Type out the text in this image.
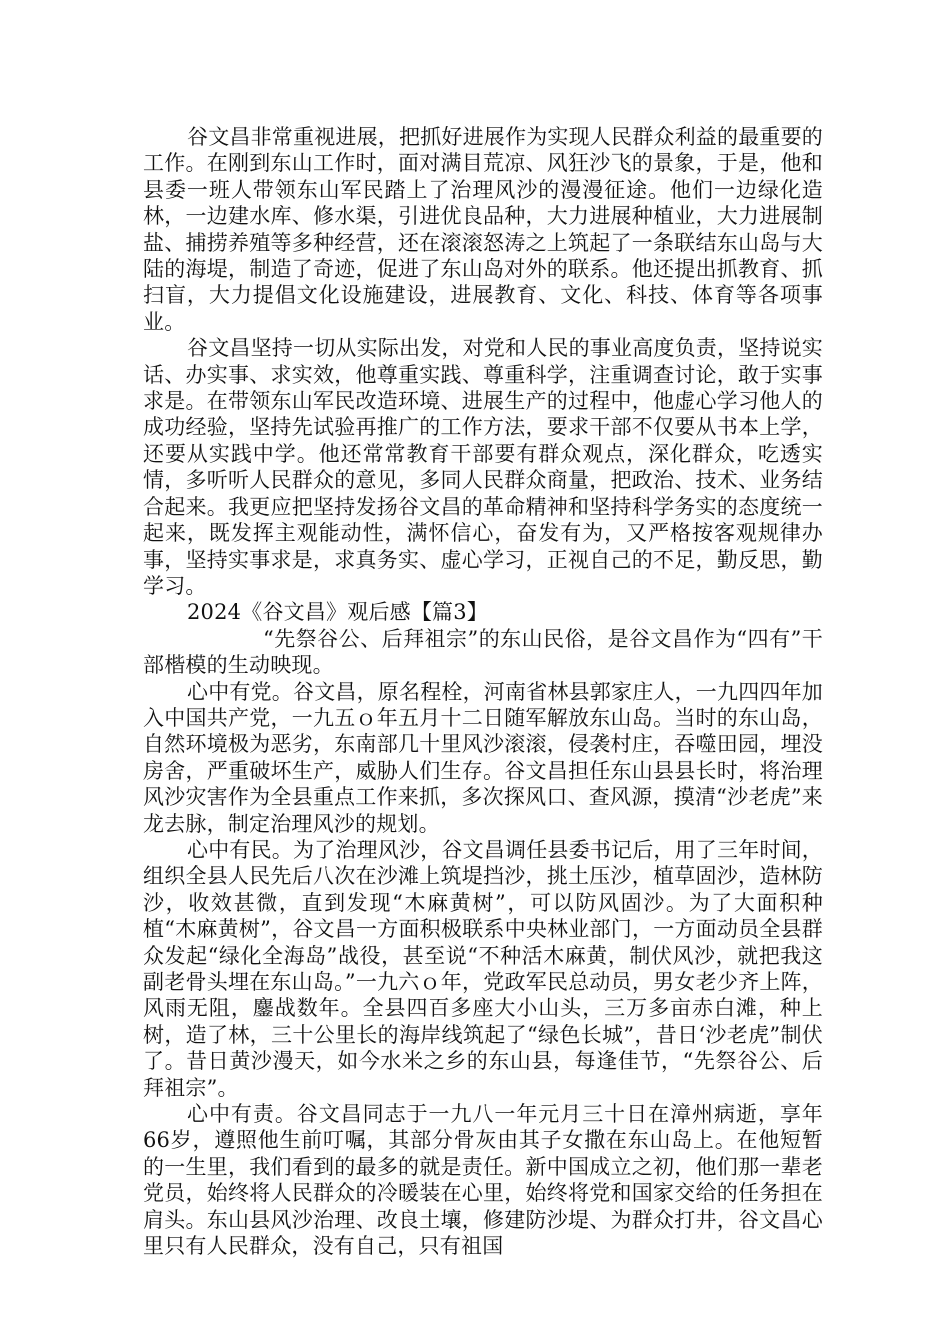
谷文昌非常重视进展，把抓好进展作为实现人民群众利益的最重要的工作。在刚到东山工作时，面对满目荒凉、风狂沙飞的景象，于是，他和县委一班人带领东山军民踏上了治理风沙的漫漫征途。他们一边绿化造林，一边建水库、修水渠，引进优良品种，大力进展种植业，大力进展制盐、捕捞养殖等多种经营，还在滚滚怒涛之上筑起了一条联结东山岛与大陆的海堤，制造了奇迹，促进了东山岛对外的联系。他还提出抓教育、抓扫盲，大力提倡文化设施建设，进展教育、文化、科技、体育等各项事业。

谷文昌坚持一切从实际出发，对党和人民的事业高度负责，坚持说实话、办实事、求实效，他尊重实践、尊重科学，注重调查讨论，敢于实事求是。在带领东山军民改造环境、进展生产的过程中，他虚心学习他人的成功经验，坚持先试验再推广的工作方法，要求干部不仅要从书本上学，还要从实践中学。他还常常教育干部要有群众观点，深化群众，吃透实情，多听听人民群众的意见，多同人民群众商量，把政治、技术、业务结合起来。我更应把坚持发扬谷文昌的革命精神和坚持科学务实的态度统一起来，既发挥主观能动性，满怀信心，奋发有为，又严格按客观规律办事，坚持实事求是，求真务实、虚心学习，正视自己的不足，勤反思，勤学习。

2024《谷文昌》观后感【篇3】

“先祭谷公、后拜祖宗”的东山民俗，是谷文昌作为“四有”干部楷模的生动映现。

心中有党。谷文昌，原名程栓，河南省林县郭家庄人，一九四四年加入中国共产党，一九五ｏ年五月十二日随军解放东山岛。当时的东山岛，自然环境极为恶劣，东南部几十里风沙滚滚，侵袭村庄，吞噬田园，埋没房舍，严重破坏生产，威胁人们生存。谷文昌担任东山县县长时，将治理风沙灾害作为全县重点工作来抓，多次探风口、查风源，摸清“沙老虎”来龙去脉，制定治理风沙的规划。

心中有民。为了治理风沙，谷文昌调任县委书记后，用了三年时间，组织全县人民先后八次在沙滩上筑堤挡沙，挑土压沙，植草固沙，造林防沙，收效甚微，直到发现“木麻黄树”，可以防风固沙。为了大面积种植“木麻黄树”，谷文昌一方面积极联系中央林业部门，一方面动员全县群众发起“绿化全海岛”战役，甚至说“不种活木麻黄，制伏风沙，就把我这副老骨头埋在东山岛。”一九六ｏ年，党政军民总动员，男女老少齐上阵，风雨无阻，鏖战数年。全县四百多座大小山头，三万多亩赤白滩，种上树，造了林，三十公里长的海岸线筑起了“绿色长城”，昔日‘沙老虎”制伏了。昔日黄沙漫天，如今水米之乡的东山县，每逢佳节，“先祭谷公、后拜祖宗”。

心中有责。谷文昌同志于一九八一年元月三十日在漳州病逝，享年66岁，遵照他生前叮嘱，其部分骨灰由其子女撒在东山岛上。在他短暂的一生里，我们看到的最多的就是责任。新中国成立之初，他们那一辈老党员，始终将人民群众的冷暖装在心里，始终将党和国家交给的任务担在肩头。东山县风沙治理、改良土壤，修建防沙堤、为群众打井，谷文昌心里只有人民群众，没有自己，只有祖国
